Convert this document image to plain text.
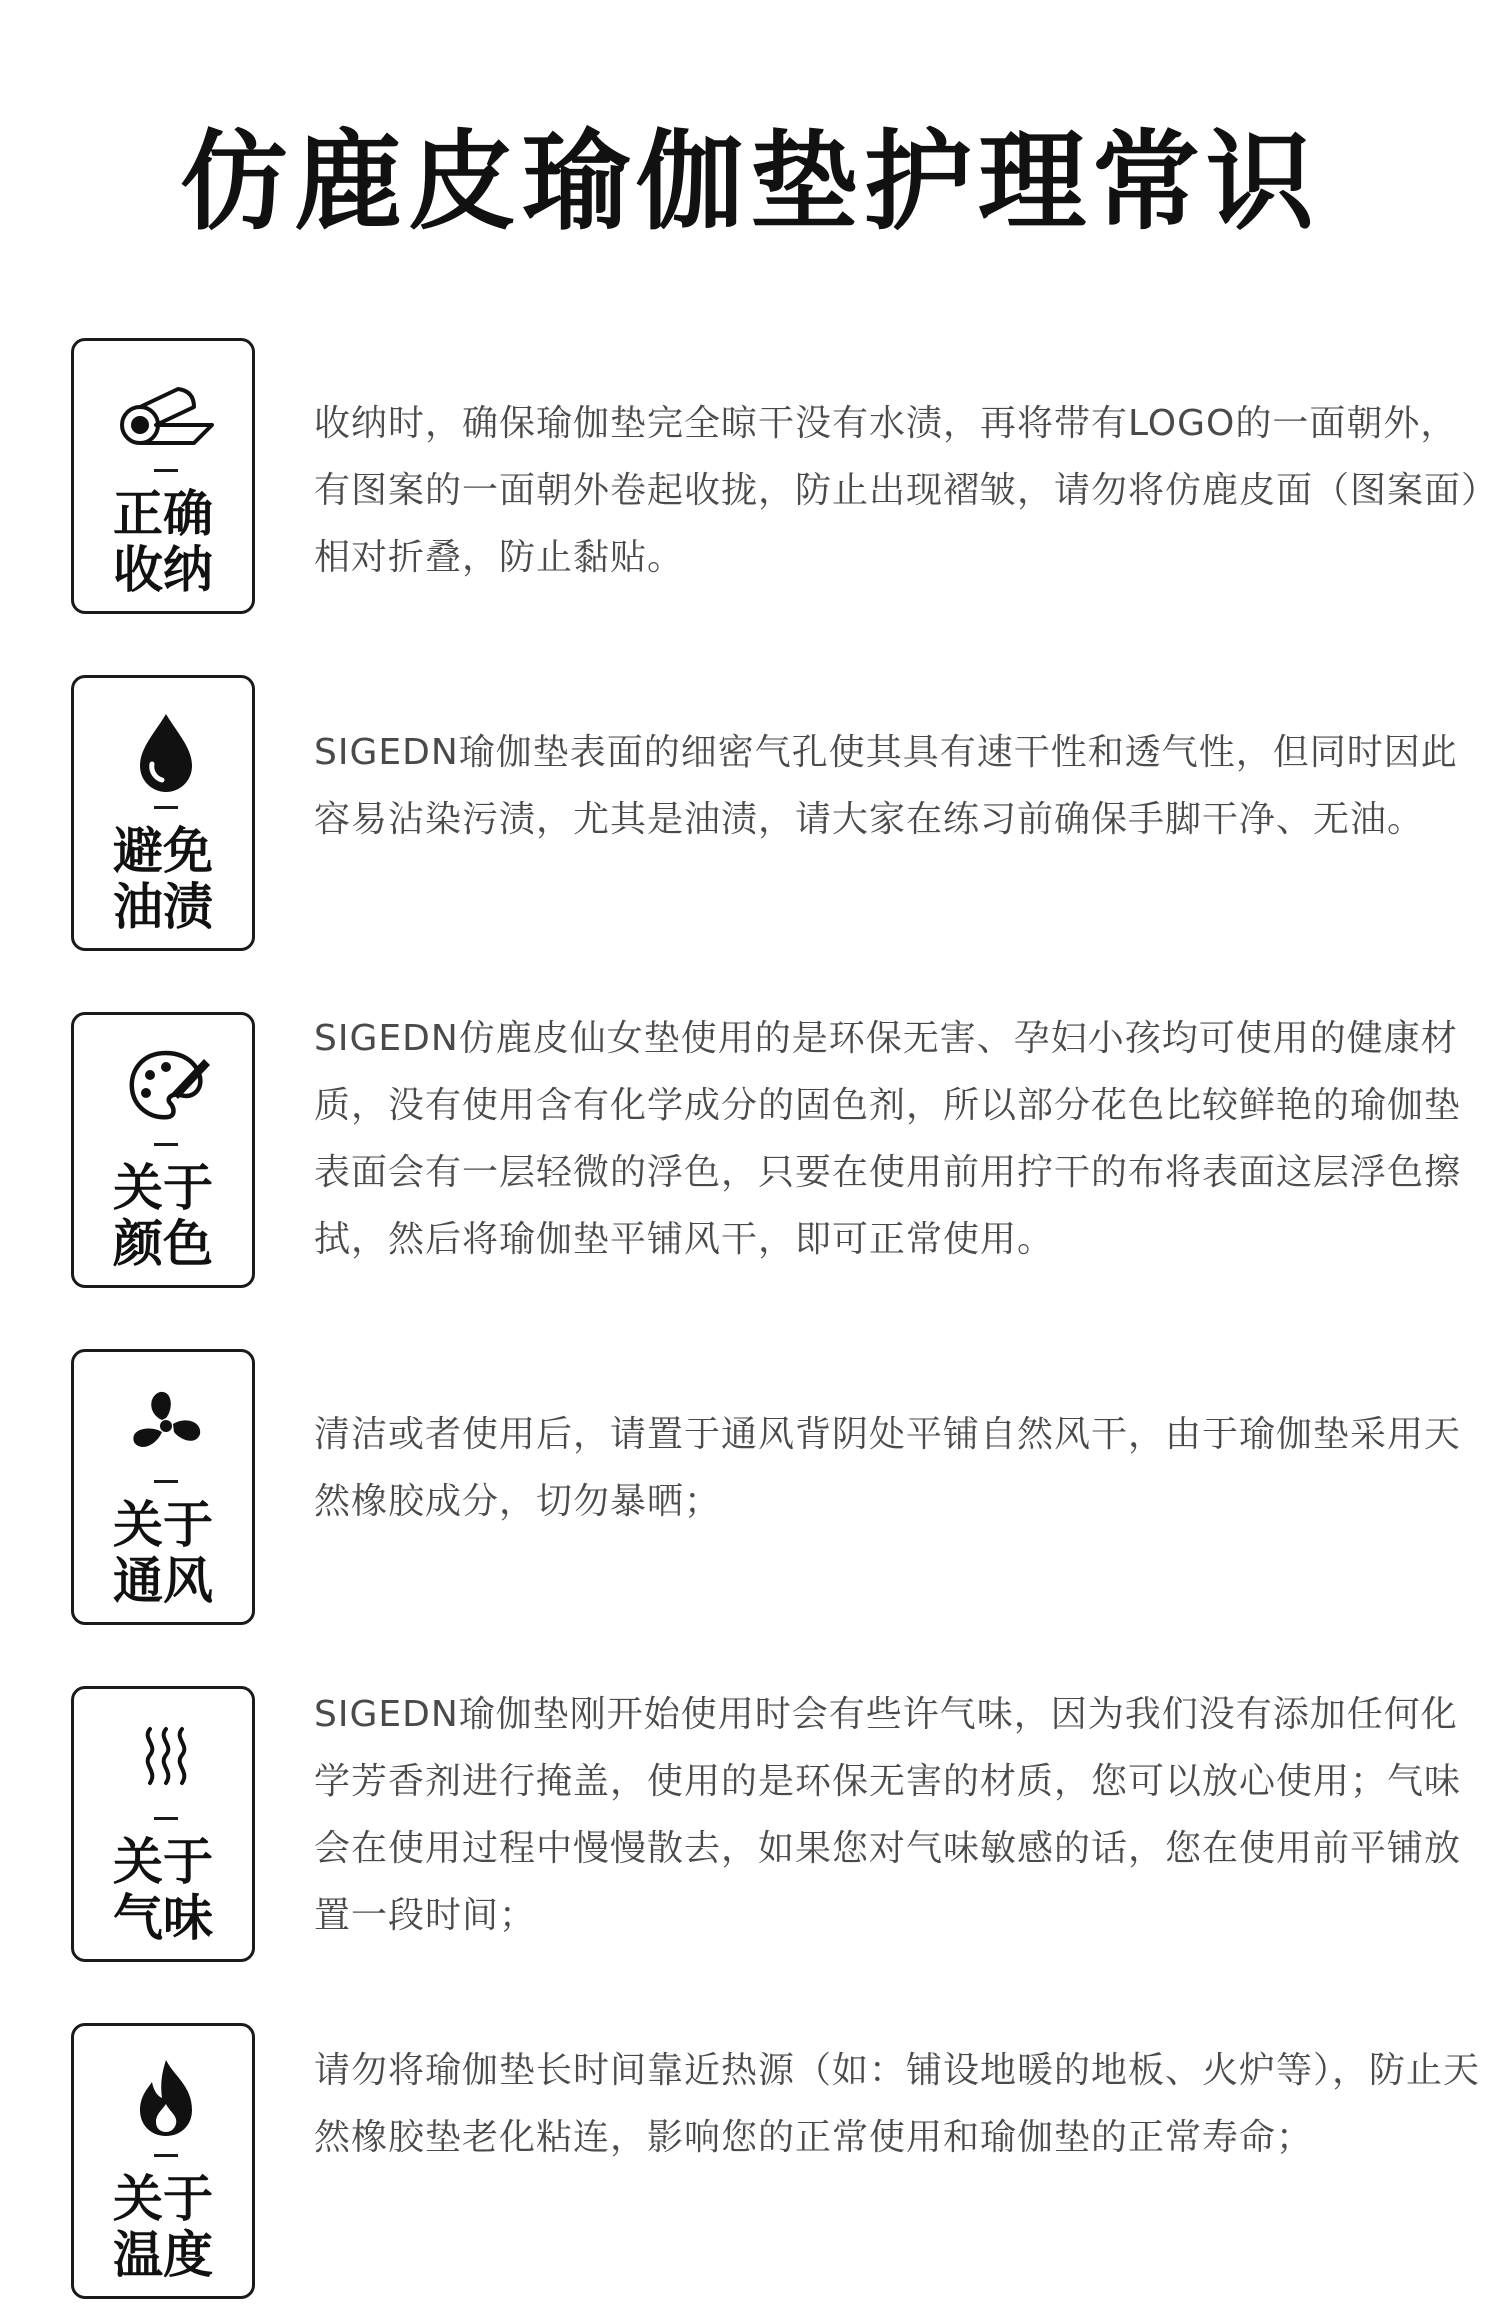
仿鹿皮瑜伽垫护理常识
正确
收纳
收纳时，确保瑜伽垫完全晾干没有水渍，再将带有LOGO的一面朝外，有图案的一面朝外卷起收拢，防止出现褶皱，请勿将仿鹿皮面（图案面）相对折叠，防止黏贴。
避免
油渍
SIGEDN瑜伽垫表面的细密气孔使其具有速干性和透气性，但同时因此容易沾染污渍，尤其是油渍，请大家在练习前确保手脚干净、无油。
关于
颜色
SIGEDN仿鹿皮仙女垫使用的是环保无害、孕妇小孩均可使用的健康材质，没有使用含有化学成分的固色剂，所以部分花色比较鲜艳的瑜伽垫表面会有一层轻微的浮色，只要在使用前用拧干的布将表面这层浮色擦拭，然后将瑜伽垫平铺风干，即可正常使用。
关于
通风
清洁或者使用后，请置于通风背阴处平铺自然风干，由于瑜伽垫采用天然橡胶成分，切勿暴晒；
关于
气味
SIGEDN瑜伽垫刚开始使用时会有些许气味，因为我们没有添加任何化学芳香剂进行掩盖，使用的是环保无害的材质，您可以放心使用；气味会在使用过程中慢慢散去，如果您对气味敏感的话，您在使用前平铺放置一段时间；
关于
温度
请勿将瑜伽垫长时间靠近热源（如：铺设地暖的地板、火炉等），防止天然橡胶垫老化粘连，影响您的正常使用和瑜伽垫的正常寿命；
